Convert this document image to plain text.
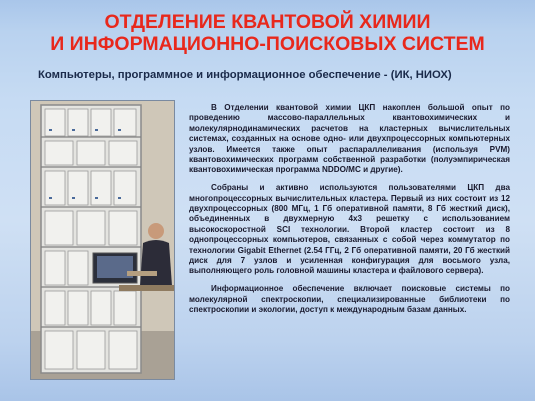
ОТДЕЛЕНИЕ КВАНТОВОЙ ХИМИИ
И ИНФОРМАЦИОННО-ПОИСКОВЫХ СИСТЕМ
Компьютеры, программное и информационное обеспечение - (ИК, НИОХ)

В Отделении квантовой химии ЦКП накоплен большой опыт по проведению массово-параллельных квантовохимических и молекулярнодинамических расчетов на кластерных вычислительных системах, созданных на основе одно- или двухпроцессорных компьютерных узлов. Имеется также опыт распараллеливания (используя PVM) квантовохимических программ собственной разработки (полуэмпирическая квантовохимическая программа NDDO/MC и другие).

Собраны и активно используются пользователями ЦКП два многопроцессорных вычислительных кластера. Первый из них состоит из 12 двухпроцессорных (800 МГц, 1 Гб оперативной памяти, 8 Гб жесткий диск), объединенных в двухмерную 4x3 решетку с использованием высокоскоростной SCI технологии. Второй кластер состоит из 8 однопроцессорных компьютеров, связанных с собой через коммутатор по технологии Gigabit Ethernet (2.54 ГГц, 2 Гб оперативной памяти, 20 Гб жесткий диск для 7 узлов и усиленная конфигурация для восьмого узла, выполняющего роль головной машины кластера и файлового сервера).

Информационное обеспечение включает поисковые системы по молекулярной спектроскопии, специализированные библиотеки по спектроскопии и экологии, доступ к международным базам данных.
